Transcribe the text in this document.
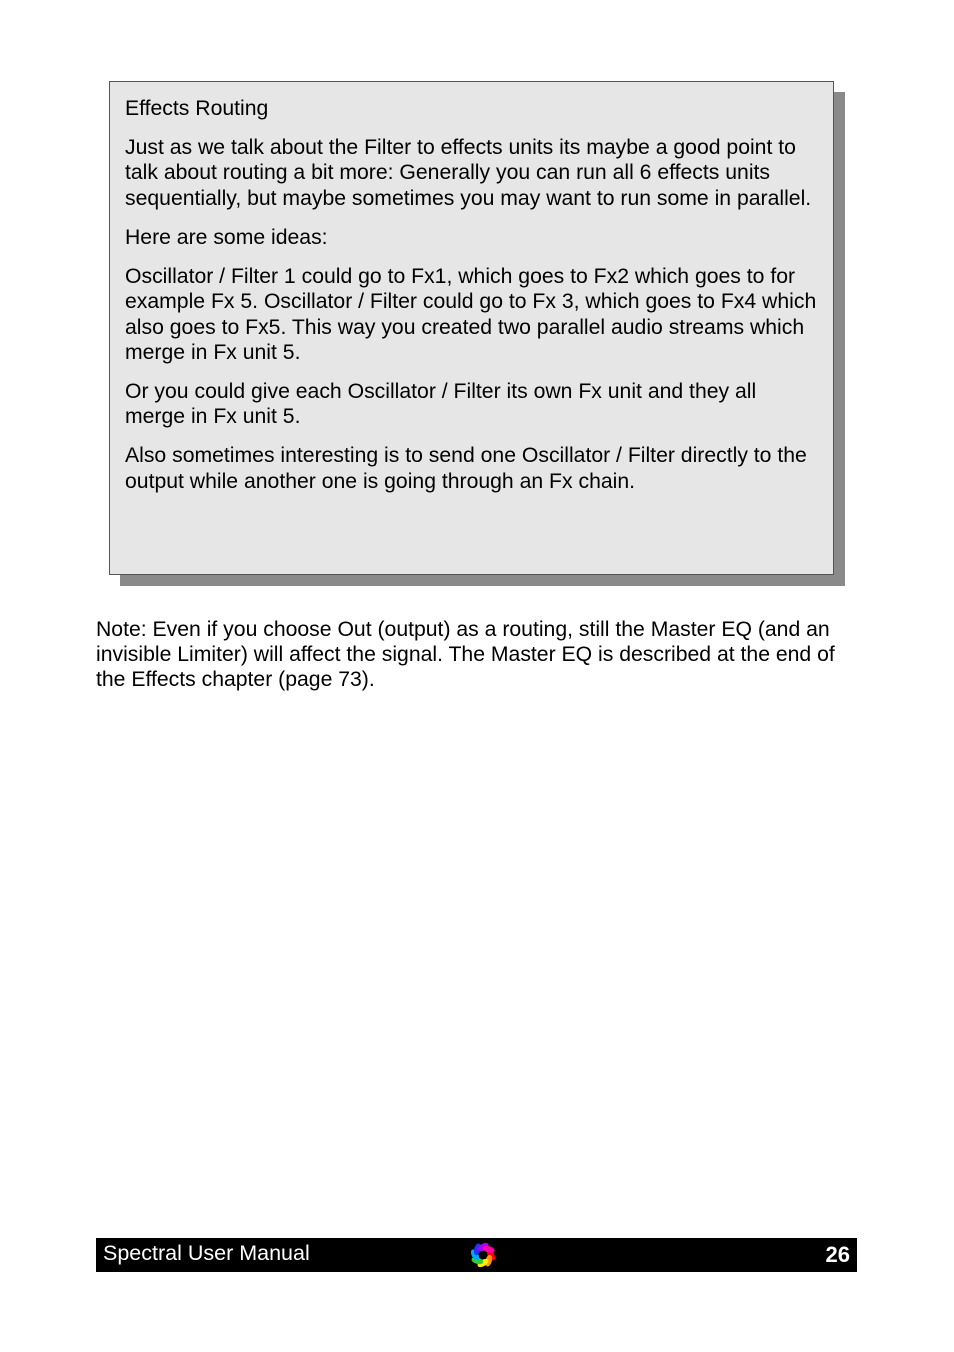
Effects Routing

Just as we talk about the Filter to effects units its maybe a good point to talk about routing a bit more: Generally you can run all 6 effects units sequentially, but maybe sometimes you may want to run some in parallel.

Here are some ideas:

Oscillator / Filter 1 could go to Fx1, which goes to Fx2 which goes to for example Fx 5. Oscillator / Filter could go to Fx 3, which goes to Fx4 which also goes to Fx5. This way you created two parallel audio streams which merge in Fx unit 5.

Or you could give each Oscillator / Filter its own Fx unit and they all merge in Fx unit 5.

Also sometimes interesting is to send one Oscillator / Filter directly to the output while another one is going through an Fx chain.

Note: Even if you choose Out (output) as a routing, still the Master EQ (and an invisible Limiter) will affect the signal. The Master EQ is described at the end of the Effects chapter (page 73).

Spectral User Manual	26
